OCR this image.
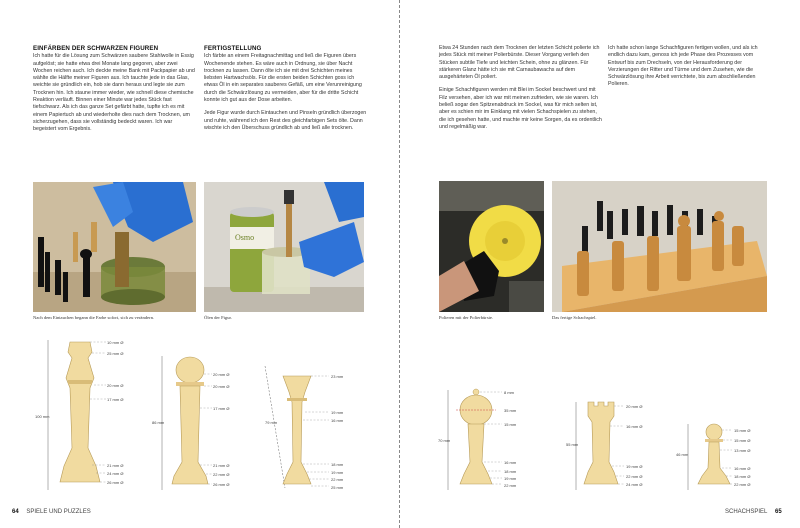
EINFÄRBEN DER SCHWARZEN FIGUREN

Ich hatte für die Lösung zum Schwärzen saubere Stahlwolle in Essig aufgelöst; sie hatte etwa drei Monate lang gegoren, aber zwei Wochen reichen auch. Ich deckte meine Bank mit Packpapier ab und wählte die Hälfte meiner Figuren aus. Ich tauchte jede in das Glas, weichte sie gründlich ein, hob sie dann heraus und legte sie zum Trocknen hin. Ich staune immer wieder, wie schnell diese chemische Reaktion verläuft. Binnen einer Minute war jedes Stück fast tiefschwarz. Als ich das ganze Set gefärbt hatte, tupfte ich es mit einem Papiertuch ab und wiederholte dies nach dem Trocknen, um sicherzugehen, dass sie vollständig bedeckt waren. Ich war begeistert vom Ergebnis.

FERTIGSTELLUNG

Ich färbte an einem Freitagnachmittag und ließ die Figuren übers Wochenende stehen. Es wäre auch in Ordnung, sie über Nacht trocknen zu lassen. Dann ölte ich sie mit drei Schichten meines liebsten Hartwachsöls. Für die ersten beiden Schichten goss ich etwas Öl in ein separates sauberes Gefäß, um eine Verunreinigung durch die Schwärzlösung zu vermeiden, aber für die dritte Schicht konnte ich gut aus der Dose arbeiten.

Jede Figur wurde durch Eintauchen und Pinseln gründlich überzogen und ruhte, während ich den Rest des gleichfarbigen Sets ölte. Dann wischte ich den Überschuss gründlich ab und ließ alle trocknen.

Etwa 24 Stunden nach dem Trocknen der letzten Schicht polierte ich jedes Stück mit meiner Polierbürste. Dieser Vorgang verlieh den Stücken subtile Tiefe und leichten Schein, ohne zu glänzen. Für stärkeren Glanz hätte ich sie mit Carnaubawachs auf dem ausgehärteten Öl poliert.

Einige Schachfiguren werden mit Blei im Sockel beschwert und mit Filz versehen, aber ich war mit meinen zufrieden, wie sie waren. Ich beließ sogar den Spitzenabdruck im Sockel, was für mich selten ist, aber es schien mir im Einklang mit vielen Schachspielen zu stehen, die ich gesehen hatte, und machte mir keine Sorgen, da es ordentlich und regelmäßig war.

Ich hatte schon lange Schachfiguren fertigen wollen, und als ich endlich dazu kam, genoss ich jede Phase des Prozesses vom Entwurf bis zum Drechseln, von der Herausforderung der Verzierungen der Ritter und Türme und dem Zusehen, wie die Schwärzlösung ihre Arbeit verrichtete, bis zum abschließenden Polieren.

Osmo
Nach dem Eintauchen begann die Farbe sofort, sich zu verändern.	Ölen der Figur.	Polieren mit der Polierbürste.	Das fertige Schachspiel.
100 mm
10 mm Ø
25 mm Ø
20 mm Ø
17 mm Ø
21 mm Ø
24 mm Ø
26 mm Ø
86 mm
20 mm Ø
20 mm Ø
17 mm Ø
21 mm Ø
22 mm Ø
26 mm Ø
79 mm
23 mm
19 mm
16 mm
18 mm
19 mm
22 mm
25 mm
70 mm
8 mm
35 mm
15 mm
16 mm
18 mm
19 mm
22 mm
55 mm
20 mm Ø
16 mm Ø
19 mm Ø
22 mm Ø
24 mm Ø
46 mm
15 mm Ø
15 mm Ø
13 mm Ø
16 mm Ø
18 mm Ø
22 mm Ø
64 SPIELE UND PUZZLES	SCHACHSPIEL 65
